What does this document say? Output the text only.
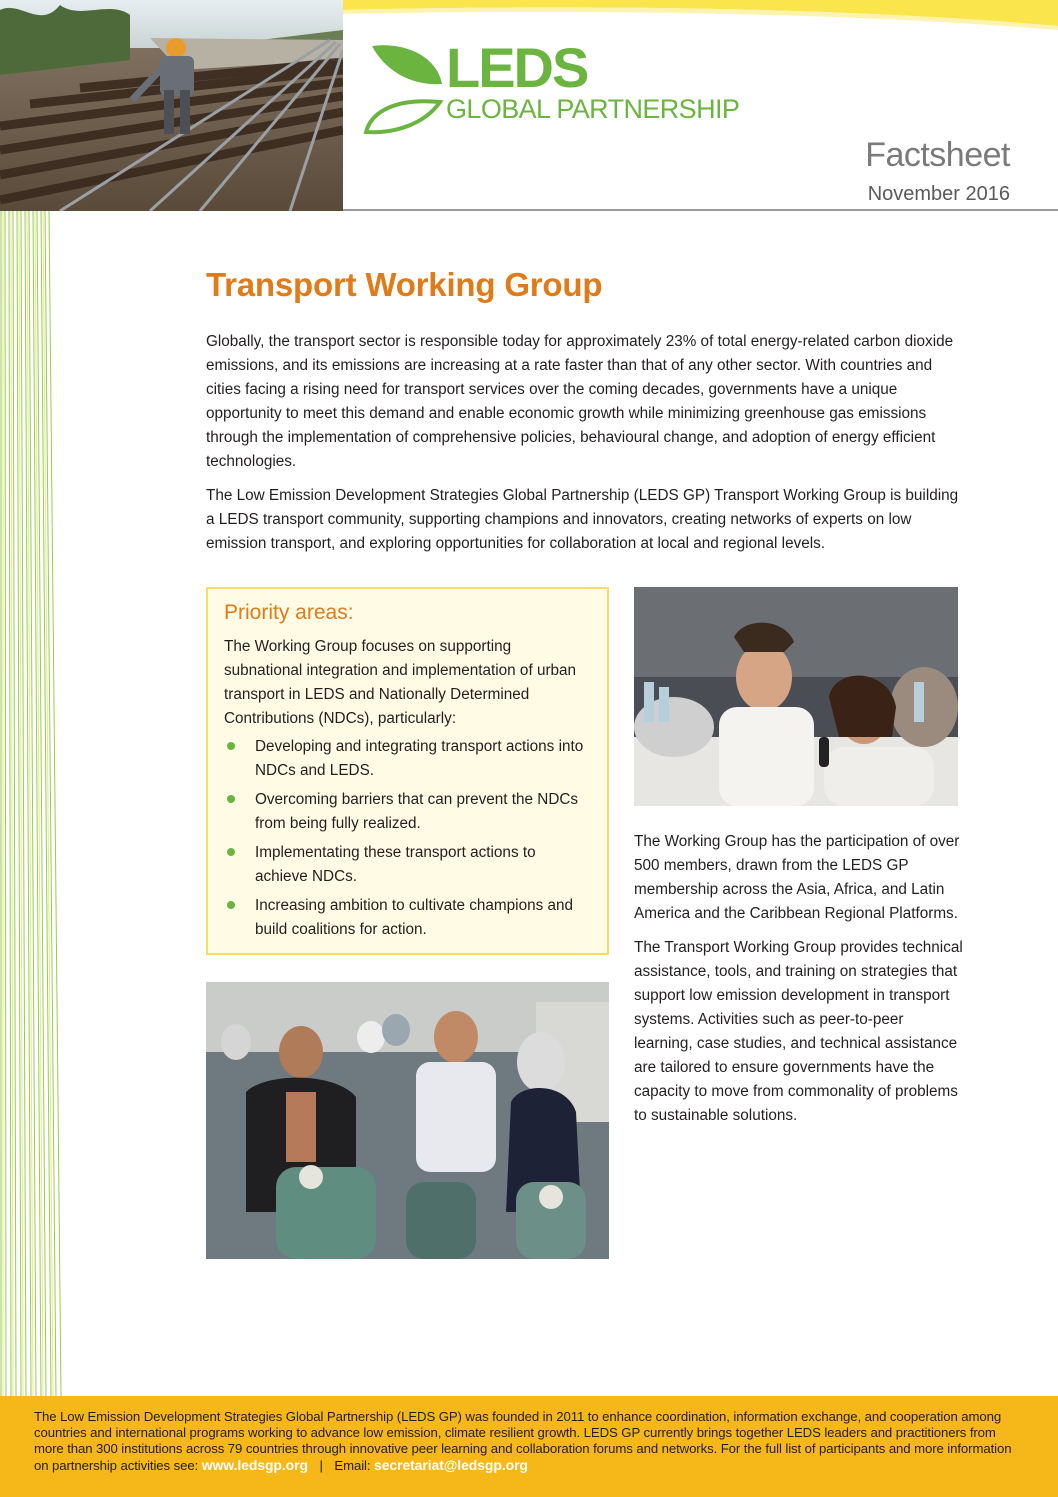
LEDS
GLOBAL PARTNERSHIP
Factsheet
November 2016
Transport Working Group

Globally, the transport sector is responsible today for approximately 23% of total energy-related carbon dioxide emissions, and its emissions are increasing at a rate faster than that of any other sector. With countries and cities facing a rising need for transport services over the coming decades, governments have a unique opportunity to meet this demand and enable economic growth while minimizing greenhouse gas emissions through the implementation of comprehensive policies, behavioural change, and adoption of energy efficient technologies.

The Low Emission Development Strategies Global Partnership (LEDS GP) Transport Working Group is building a LEDS transport community, supporting champions and innovators, creating networks of experts on low emission transport, and exploring opportunities for collaboration at local and regional levels.

Priority areas:
The Working Group focuses on supporting subnational integration and implementation of urban transport in LEDS and Nationally Determined Contributions (NDCs), particularly:
Developing and integrating transport actions into NDCs and LEDS.
Overcoming barriers that can prevent the NDCs from being fully realized.
Implementating these transport actions to achieve NDCs.
Increasing ambition to cultivate champions and build coalitions for action.

The Working Group has the participation of over 500 members, drawn from the LEDS GP membership across the Asia, Africa, and Latin America and the Caribbean Regional Platforms.

The Transport Working Group provides technical assistance, tools, and training on strategies that support low emission development in transport systems. Activities such as peer-to-peer learning, case studies, and technical assistance are tailored to ensure governments have the capacity to move from commonality of problems to sustainable solutions.

The Low Emission Development Strategies Global Partnership (LEDS GP) was founded in 2011 to enhance coordination, information exchange, and cooperation among countries and international programs working to advance low emission, climate resilient growth. LEDS GP currently brings together LEDS leaders and practitioners from more than 300 institutions across 79 countries through innovative peer learning and collaboration forums and networks. For the full list of participants and more information on partnership activities see: www.ledsgp.org | Email: secretariat@ledsgp.org
